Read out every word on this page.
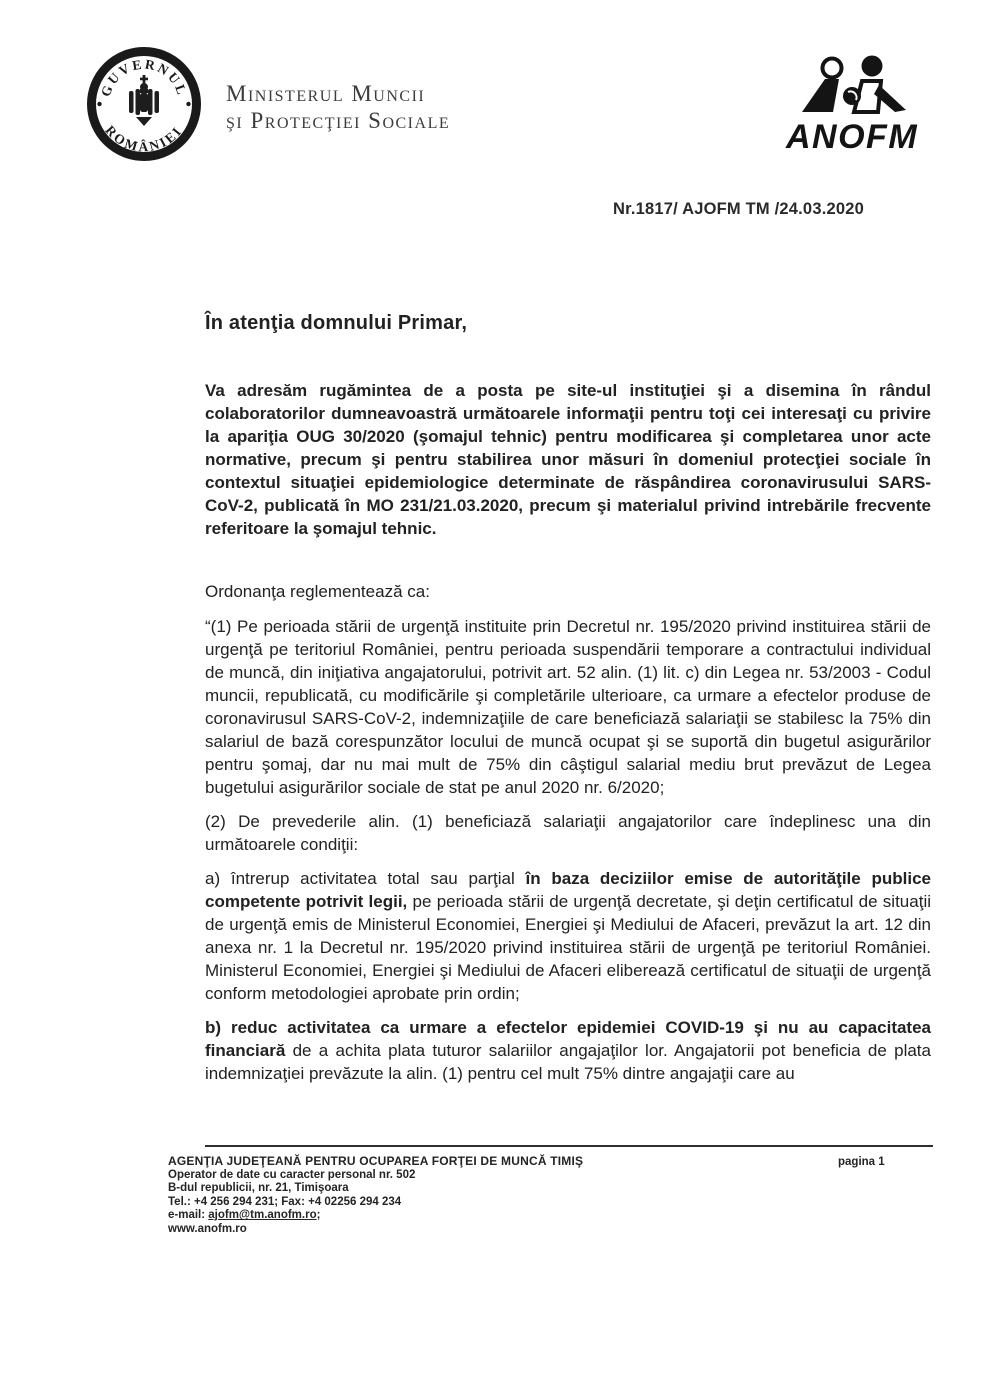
GUVERNUL
ROMÂNIEI
Ministerul Muncii
şi Protecţiei Sociale	ANOFM
Nr.1817/ AJOFM TM /24.03.2020
În atenţia domnului Primar,

Va adresăm rugămintea de a posta pe site-ul instituţiei şi a disemina în rândul colaboratorilor dumneavoastră următoarele informaţii pentru toţi cei interesaţi cu privire la apariţia OUG 30/2020 (şomajul tehnic) pentru modificarea şi completarea unor acte normative, precum şi pentru stabilirea unor măsuri în domeniul protecţiei sociale în contextul situaţiei epidemiologice determinate de răspândirea coronavirusului SARS-CoV-2, publicată în MO 231/21.03.2020, precum şi materialul privind intrebările frecvente referitoare la şomajul tehnic.

Ordonanţa reglementează ca:

“(1) Pe perioada stării de urgenţă instituite prin Decretul nr. 195/2020 privind instituirea stării de urgenţă pe teritoriul României, pentru perioada suspendării temporare a contractului individual de muncă, din iniţiativa angajatorului, potrivit art. 52 alin. (1) lit. c) din Legea nr. 53/2003 - Codul muncii, republicată, cu modificările şi completările ulterioare, ca urmare a efectelor produse de coronavirusul SARS-CoV-2, indemnizaţiile de care beneficiază salariaţii se stabilesc la 75% din salariul de bază corespunzător locului de muncă ocupat şi se suportă din bugetul asigurărilor pentru şomaj, dar nu mai mult de 75% din câştigul salarial mediu brut prevăzut de Legea bugetului asigurărilor sociale de stat pe anul 2020 nr. 6/2020;

(2) De prevederile alin. (1) beneficiază salariaţii angajatorilor care îndeplinesc una din următoarele condiţii:

a) întrerup activitatea total sau parţial în baza deciziilor emise de autorităţile publice competente potrivit legii, pe perioada stării de urgenţă decretate, şi deţin certificatul de situaţii de urgenţă emis de Ministerul Economiei, Energiei şi Mediului de Afaceri, prevăzut la art. 12 din anexa nr. 1 la Decretul nr. 195/2020 privind instituirea stării de urgenţă pe teritoriul României. Ministerul Economiei, Energiei şi Mediului de Afaceri eliberează certificatul de situaţii de urgenţă conform metodologiei aprobate prin ordin;

b) reduc activitatea ca urmare a efectelor epidemiei COVID-19 şi nu au capacitatea financiară de a achita plata tuturor salariilor angajaţilor lor. Angajatorii pot beneficia de plata indemnizaţiei prevăzute la alin. (1) pentru cel mult 75% dintre angajaţii care au

AGENŢIA JUDEŢEANĂ PENTRU OCUPAREA FORŢEI DE MUNCĂ TIMIŞ
Operator de date cu caracter personal nr. 502
B-dul republicii, nr. 21, Timişoara
Tel.: +4 256 294 231; Fax: +4 02256 294 234
e-mail: ajofm@tm.anofm.ro;
www.anofm.ro
pagina 1
